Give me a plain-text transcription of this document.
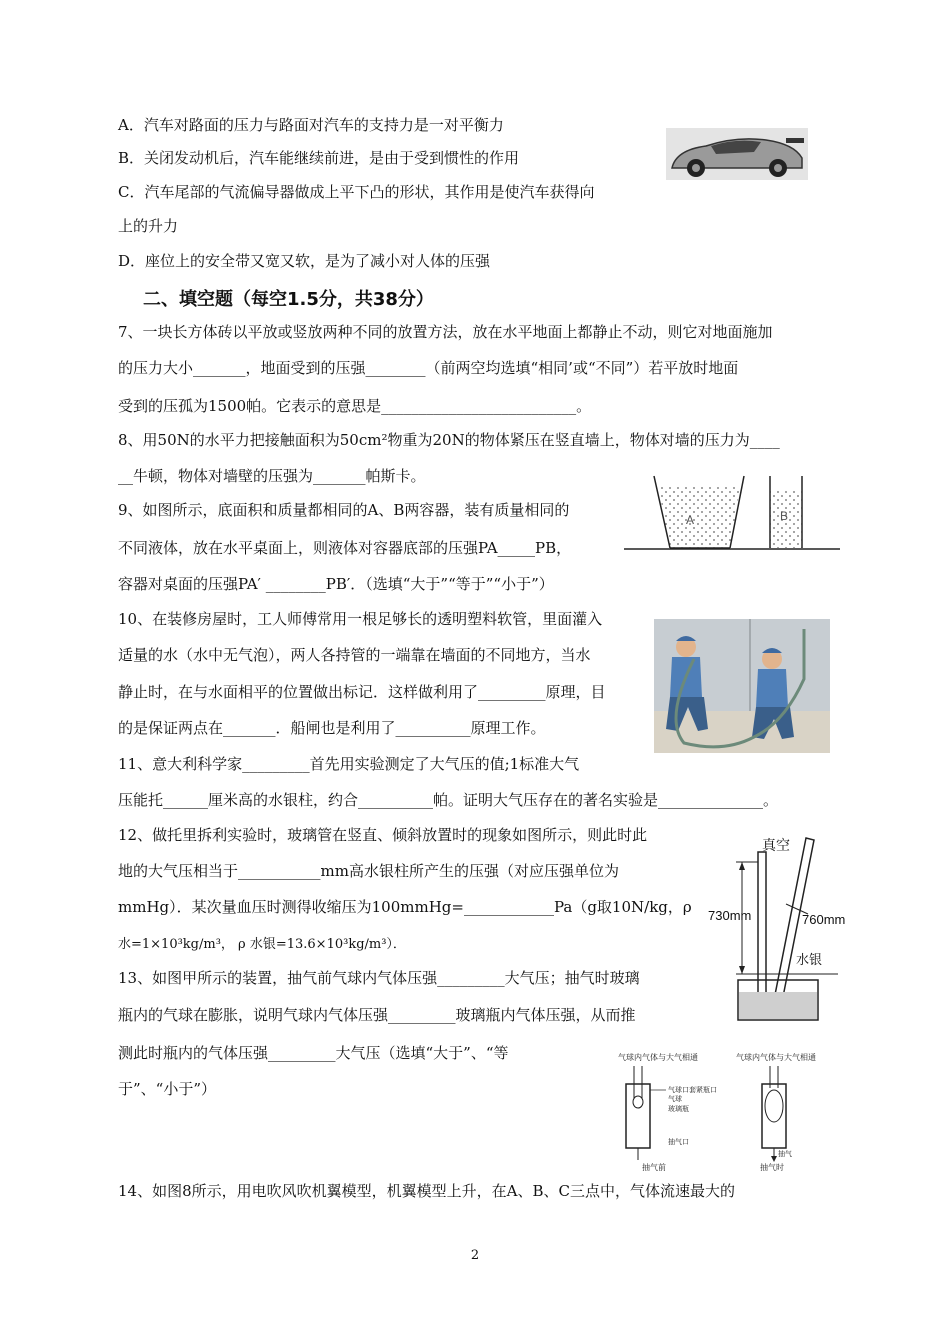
A．汽车对路面的压力与路面对汽车的支持力是一对平衡力
B．关闭发动机后，汽车能继续前进，是由于受到惯性的作用
C．汽车尾部的气流偏导器做成上平下凸的形状，其作用是使汽车获得向
上的升力
D．座位上的安全带又宽又软，是为了减小对人体的压强
二、填空题（每空1.5分，共38分）
7、一块长方体砖以平放或竖放两种不同的放置方法，放在水平地面上都静止不动，则它对地面施加
的压力大小_______，地面受到的压强________（前两空均选填“相同’或“不同”）若平放时地面
受到的压孤为1500帕。它表示的意思是__________________________。
8、用50N的水平力把接触面积为50cm²物重为20N的物体紧压在竖直墙上，物体对墙的压力为____
__牛顿，物体对墙壁的压强为_______帕斯卡。
9、如图所示，底面积和质量都相同的A、B两容器，装有质量相同的
不同液体，放在水平桌面上，则液体对容器底部的压强PA_____PB，
容器对桌面的压强PA′ ________PB′．（选填“大于”“等于”“小于”）
10、在装修房屋时，工人师傅常用一根足够长的透明塑料软管，里面灌入
适量的水（水中无气泡），两人各持管的一端靠在墙面的不同地方，当水
静止时，在与水面相平的位置做出标记．这样做利用了_________原理，目
的是保证两点在_______．船闸也是利用了__________原理工作。
11、意大利科学家_________首先用实验测定了大气压的值;1标准大气
压能托______厘米高的水银柱，约合__________帕。证明大气压存在的著名实验是______________。
12、做托里拆利实验时，玻璃管在竖直、倾斜放置时的现象如图所示，则此时此
地的大气压相当于___________mm高水银柱所产生的压强（对应压强单位为
mmHg）．某次量血压时测得收缩压为100mmHg=____________Pa（g取10N/kg，ρ
水=1×10³kg/m³， ρ 水银=13.6×10³kg/m³）．
13、如图甲所示的装置，抽气前气球内气体压强_________大气压；抽气时玻璃
瓶内的气球在膨胀，说明气球内气体压强_________玻璃瓶内气体压强，从而推
测此时瓶内的气体压强_________大气压（选填“大于”、“等
于”、“小于”）
14、如图8所示，用电吹风吹机翼模型，机翼模型上升，在A、B、C三点中，气体流速最大的
A	B
真空
730mm	760mm
水银
气球内气体与大气相通	气球内气体与大气相通
气球口套紧瓶口
气球
玻璃瓶
抽气口
抽气前
抽气
抽气时
2
